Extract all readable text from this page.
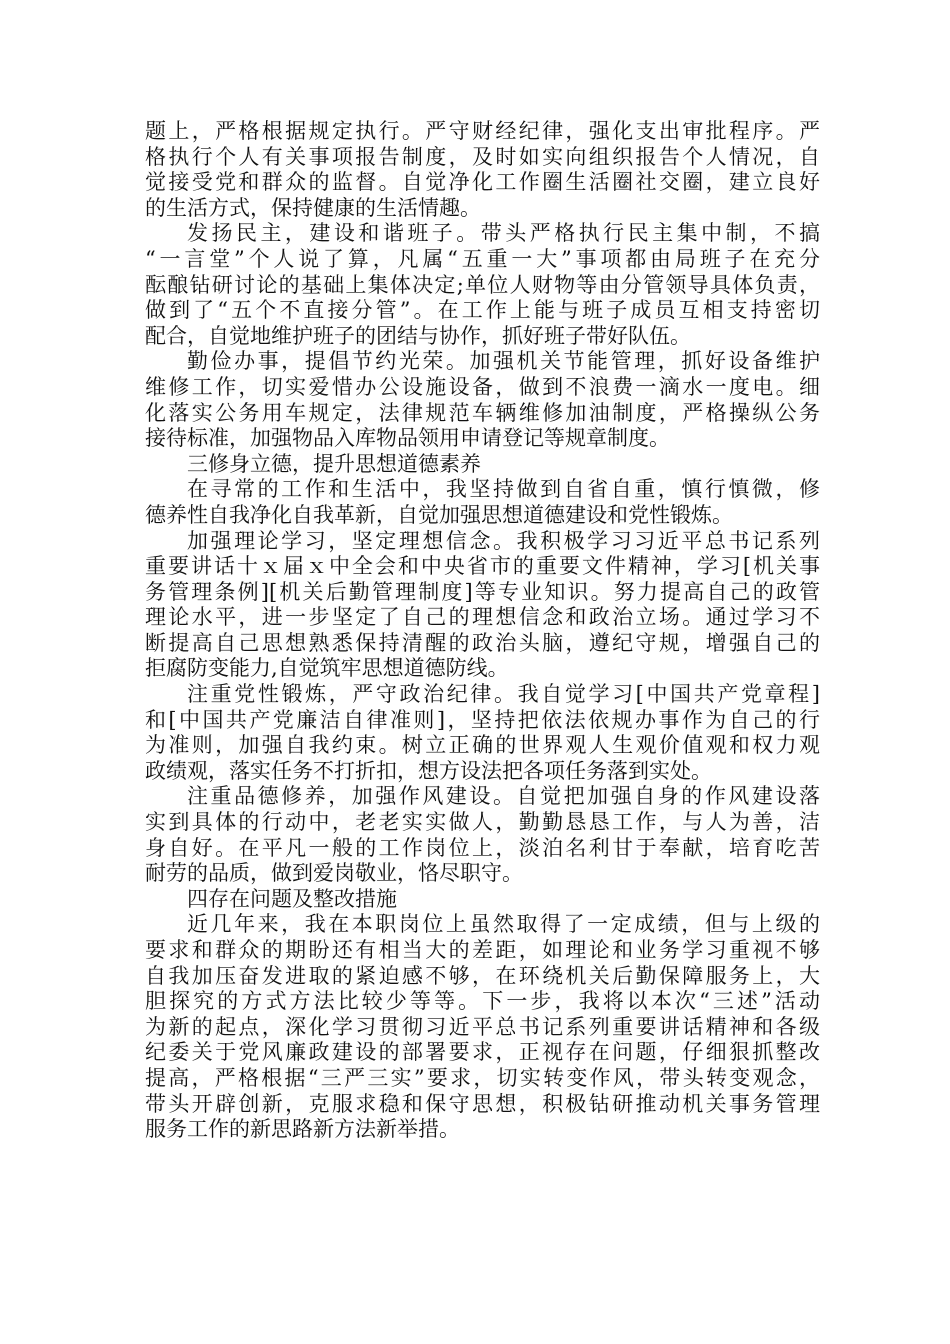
题上，严格根据规定执行。严守财经纪律，强化支出审批程序。严
格执行个人有关事项报告制度，及时如实向组织报告个人情况，自
觉接受党和群众的监督。自觉净化工作圈生活圈社交圈，建立良好
的生活方式，保持健康的生活情趣。
发扬民主，建设和谐班子。带头严格执行民主集中制，不搞
“一言堂”个人说了算，凡属“五重一大”事项都由局班子在充分
酝酿钻研讨论的基础上集体决定;单位人财物等由分管领导具体负责，
做到了“五个不直接分管”。在工作上能与班子成员互相支持密切
配合，自觉地维护班子的团结与协作，抓好班子带好队伍。
勤俭办事，提倡节约光荣。加强机关节能管理，抓好设备维护
维修工作，切实爱惜办公设施设备，做到不浪费一滴水一度电。细
化落实公务用车规定，法律规范车辆维修加油制度，严格操纵公务
接待标准，加强物品入库物品领用申请登记等规章制度。
三修身立德，提升思想道德素养
在寻常的工作和生活中，我坚持做到自省自重，慎行慎微，修
德养性自我净化自我革新，自觉加强思想道德建设和党性锻炼。
加强理论学习，坚定理想信念。我积极学习习近平总书记系列
重要讲话十ｘ届ｘ中全会和中央省市的重要文件精神，学习[机关事
务管理条例][机关后勤管理制度]等专业知识。努力提高自己的政管
理论水平，进一步坚定了自己的理想信念和政治立场。通过学习不
断提高自己思想熟悉保持清醒的政治头脑，遵纪守规，增强自己的
拒腐防变能力,自觉筑牢思想道德防线。
注重党性锻炼，严守政治纪律。我自觉学习[中国共产党章程]
和[中国共产党廉洁自律准则]，坚持把依法依规办事作为自己的行
为准则，加强自我约束。树立正确的世界观人生观价值观和权力观
政绩观，落实任务不打折扣，想方设法把各项任务落到实处。
注重品德修养，加强作风建设。自觉把加强自身的作风建设落
实到具体的行动中，老老实实做人，勤勤恳恳工作，与人为善，洁
身自好。在平凡一般的工作岗位上，淡泊名利甘于奉献，培育吃苦
耐劳的品质，做到爱岗敬业，恪尽职守。
四存在问题及整改措施
近几年来，我在本职岗位上虽然取得了一定成绩，但与上级的
要求和群众的期盼还有相当大的差距，如理论和业务学习重视不够
自我加压奋发进取的紧迫感不够，在环绕机关后勤保障服务上，大
胆探究的方式方法比较少等等。下一步，我将以本次“三述”活动
为新的起点，深化学习贯彻习近平总书记系列重要讲话精神和各级
纪委关于党风廉政建设的部署要求，正视存在问题，仔细狠抓整改
提高，严格根据“三严三实”要求，切实转变作风，带头转变观念，
带头开辟创新，克服求稳和保守思想，积极钻研推动机关事务管理
服务工作的新思路新方法新举措。
